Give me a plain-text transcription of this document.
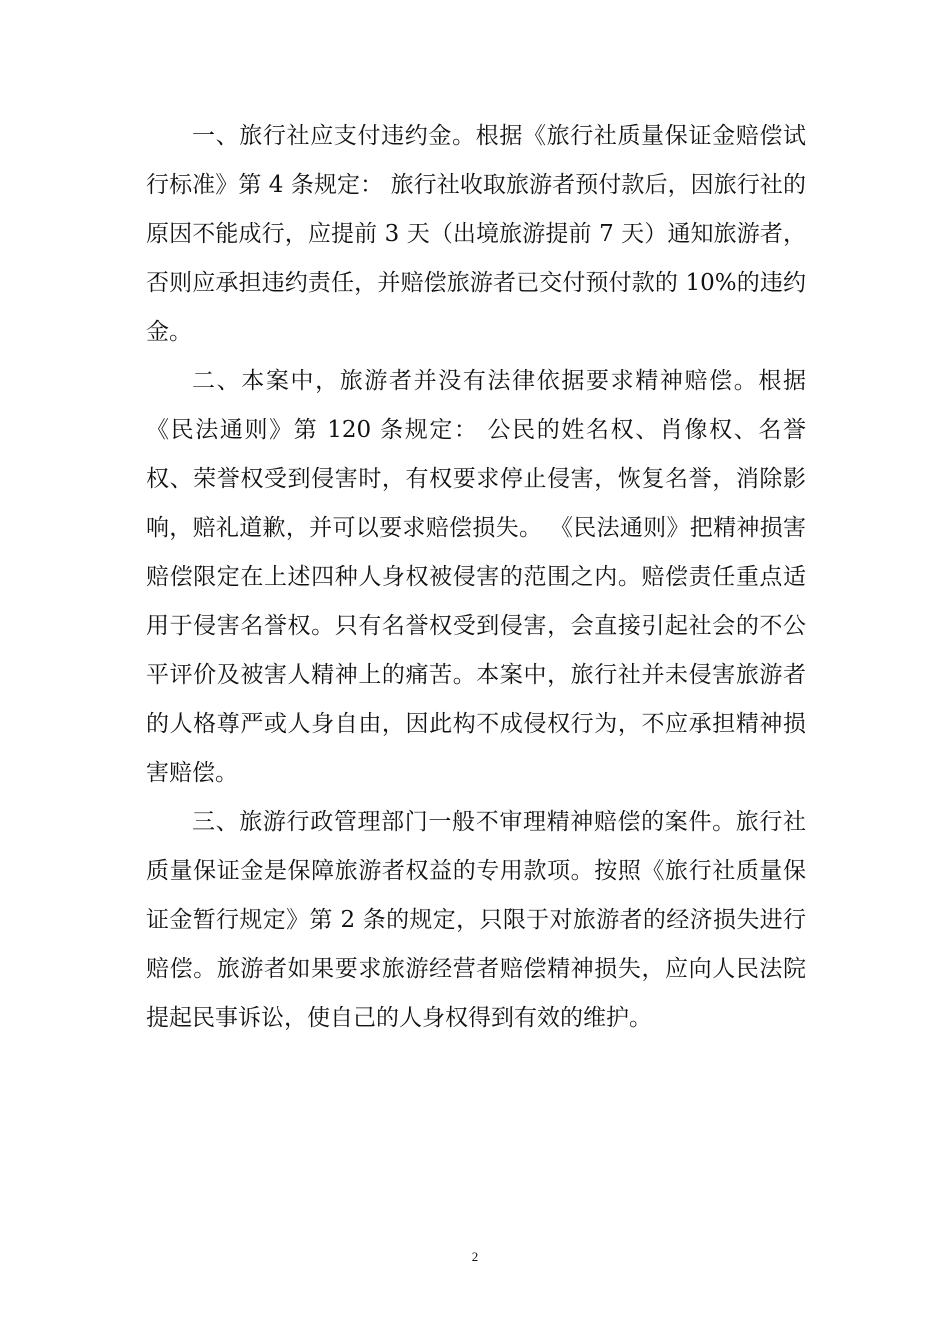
一、旅行社应支付违约金。根据《旅行社质量保证金赔偿试行标准》第 4 条规定： 旅行社收取旅游者预付款后，因旅行社的原因不能成行，应提前 3 天（出境旅游提前 7 天）通知旅游者，否则应承担违约责任，并赔偿旅游者已交付预付款的 10%的违约金。

二、本案中，旅游者并没有法律依据要求精神赔偿。根据《民法通则》第 120 条规定： 公民的姓名权、肖像权、名誉权、荣誉权受到侵害时，有权要求停止侵害，恢复名誉，消除影响，赔礼道歉，并可以要求赔偿损失。 《民法通则》把精神损害赔偿限定在上述四种人身权被侵害的范围之内。赔偿责任重点适用于侵害名誉权。只有名誉权受到侵害，会直接引起社会的不公平评价及被害人精神上的痛苦。本案中，旅行社并未侵害旅游者的人格尊严或人身自由，因此构不成侵权行为，不应承担精神损害赔偿。

三、旅游行政管理部门一般不审理精神赔偿的案件。旅行社质量保证金是保障旅游者权益的专用款项。按照《旅行社质量保证金暂行规定》第 2 条的规定，只限于对旅游者的经济损失进行赔偿。旅游者如果要求旅游经营者赔偿精神损失，应向人民法院提起民事诉讼，使自己的人身权得到有效的维护。

2
